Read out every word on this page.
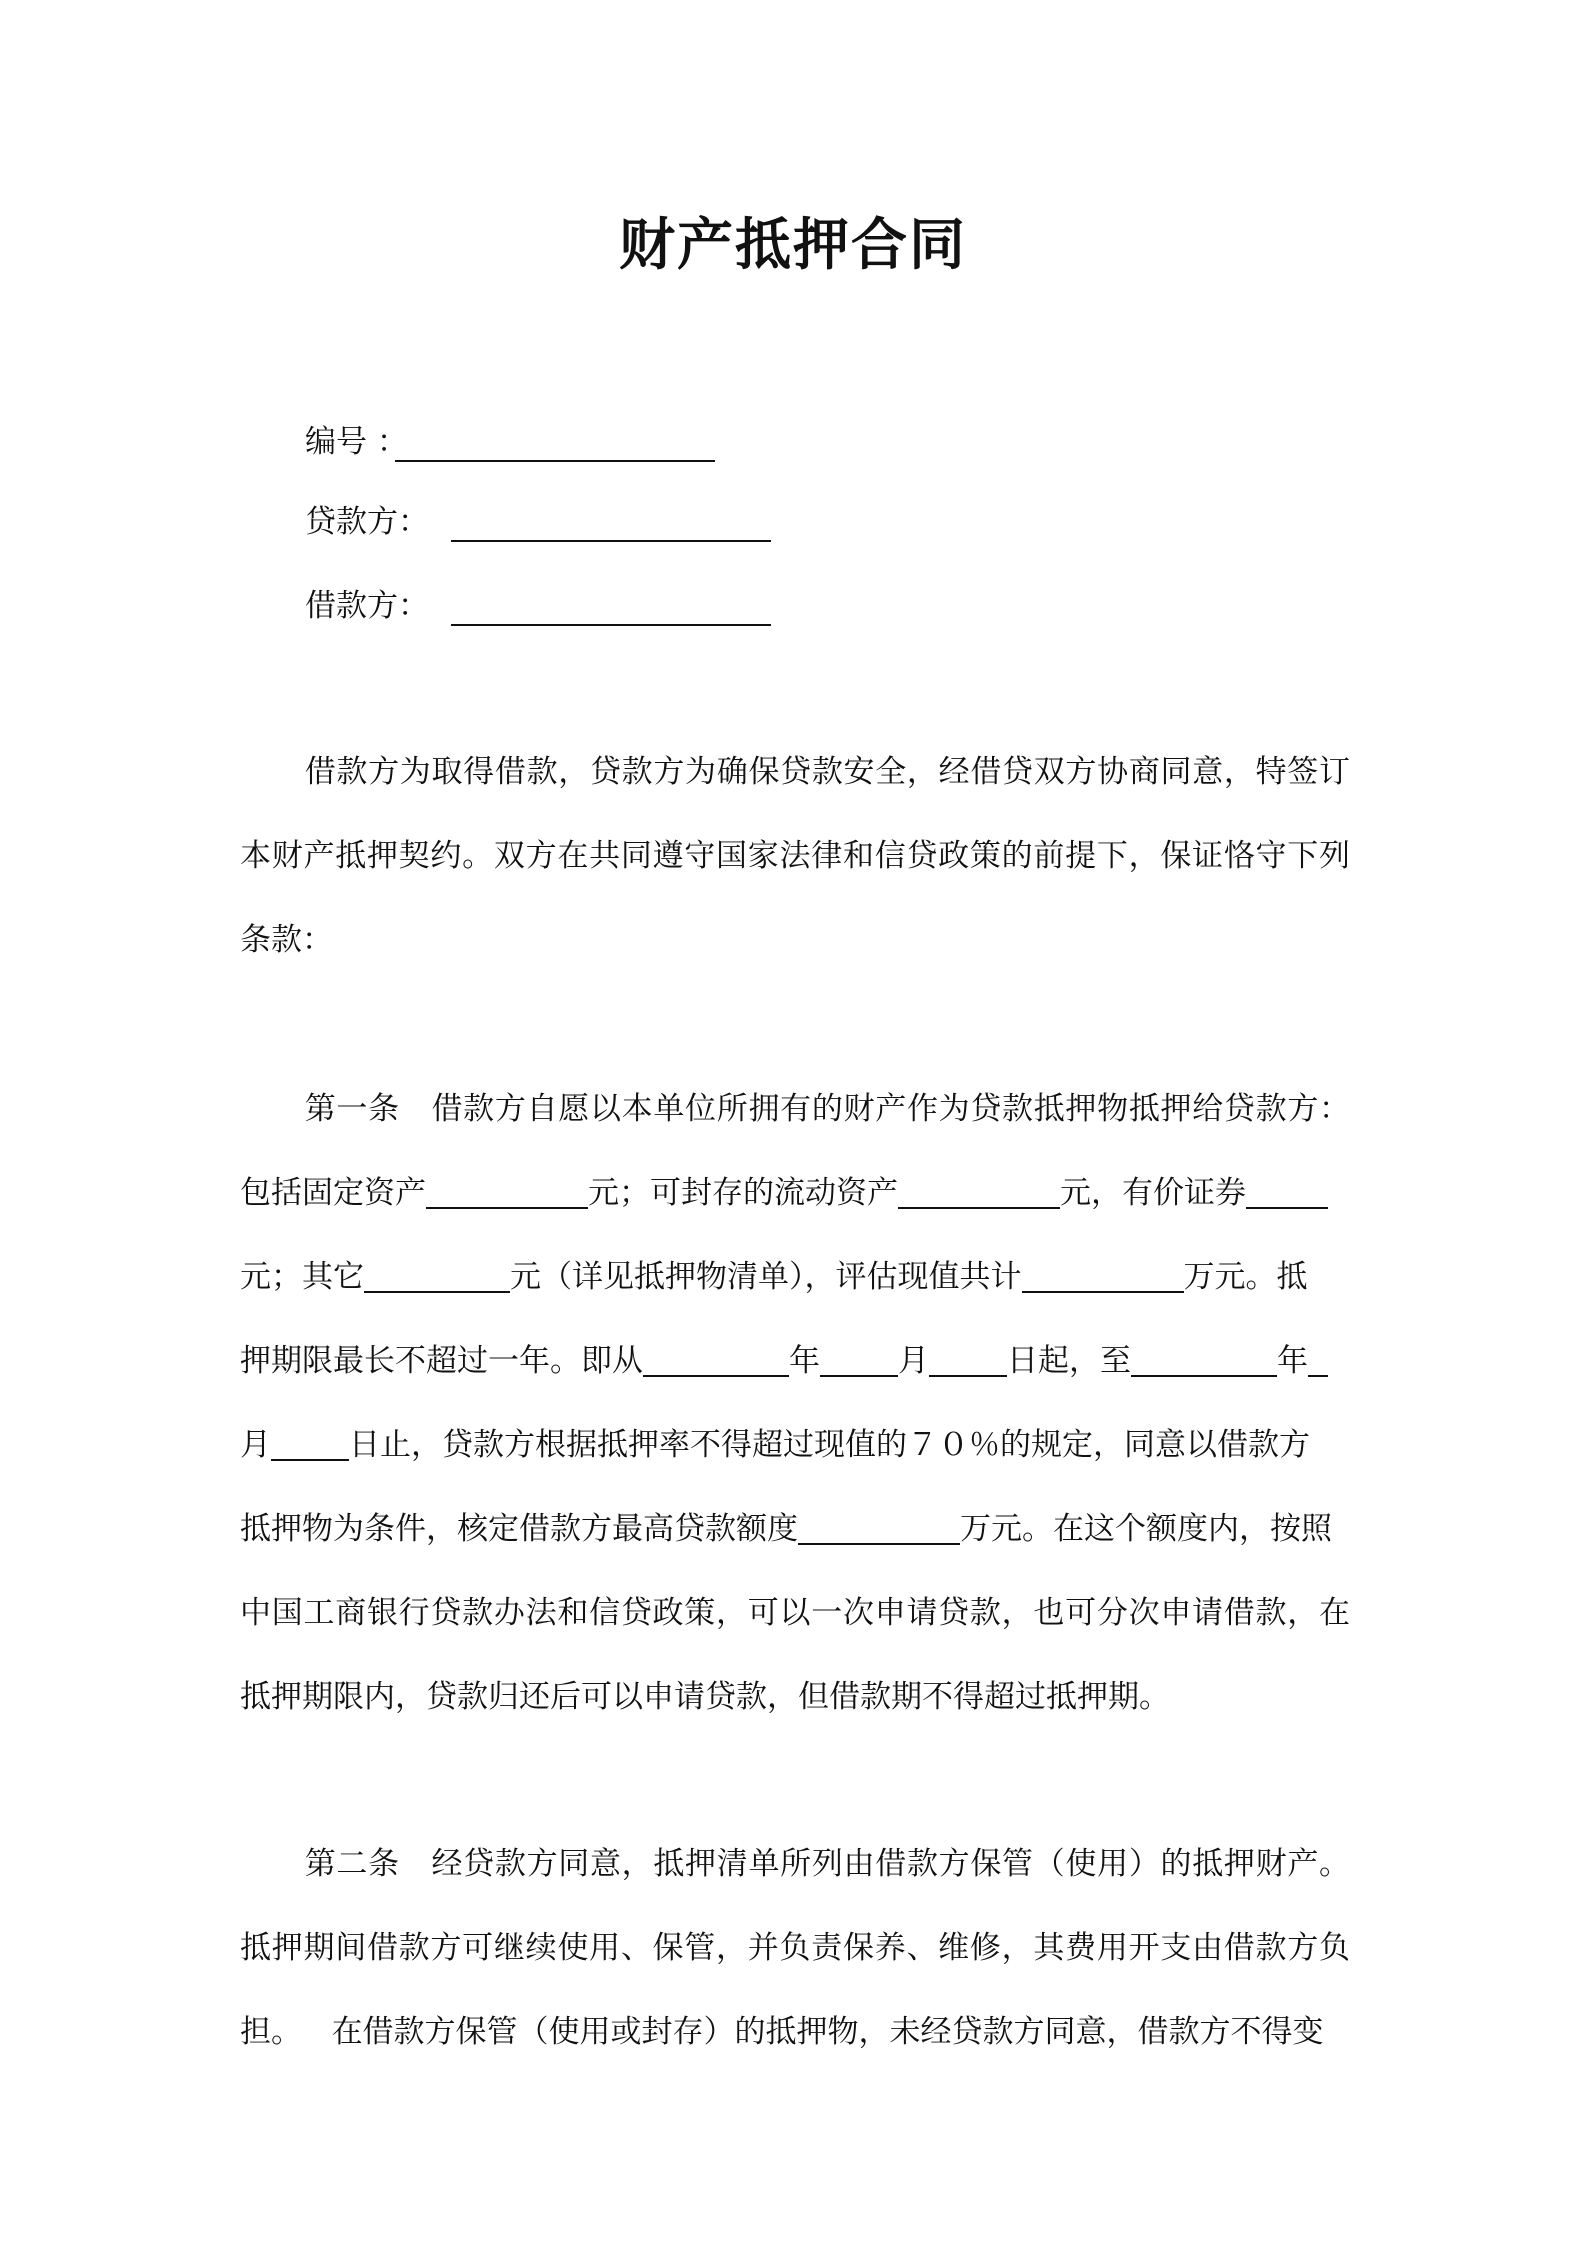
财产抵押合同
编号 ：
贷款方：
借款方：
借款方为取得借款，贷款方为确保贷款安全，经借贷双方协商同意，特签订
本财产抵押契约。双方在共同遵守国家法律和信贷政策的前提下，保证恪守下列
条款：
第一条 借款方自愿以本单位所拥有的财产作为贷款抵押物抵押给贷款方：
包括固定资产	元；可封存的流动资产	元，有价证券
元；其它	元（详见抵押物清单），评估现值共计	万元。抵
押期限最长不超过一年。即从	年	月	日起，至	年
月	日止，贷款方根据抵押率不得超过现值的７０％的规定，同意以借款方
抵押物为条件，核定借款方最高贷款额度	万元。在这个额度内，按照
中国工商银行贷款办法和信贷政策，可以一次申请贷款，也可分次申请借款，在
抵押期限内，贷款归还后可以申请贷款，但借款期不得超过抵押期。
第二条 经贷款方同意，抵押清单所列由借款方保管（使用）的抵押财产。
抵押期间借款方可继续使用、保管，并负责保养、维修，其费用开支由借款方负
担。 在借款方保管（使用或封存）的抵押物，未经贷款方同意，借款方不得变
